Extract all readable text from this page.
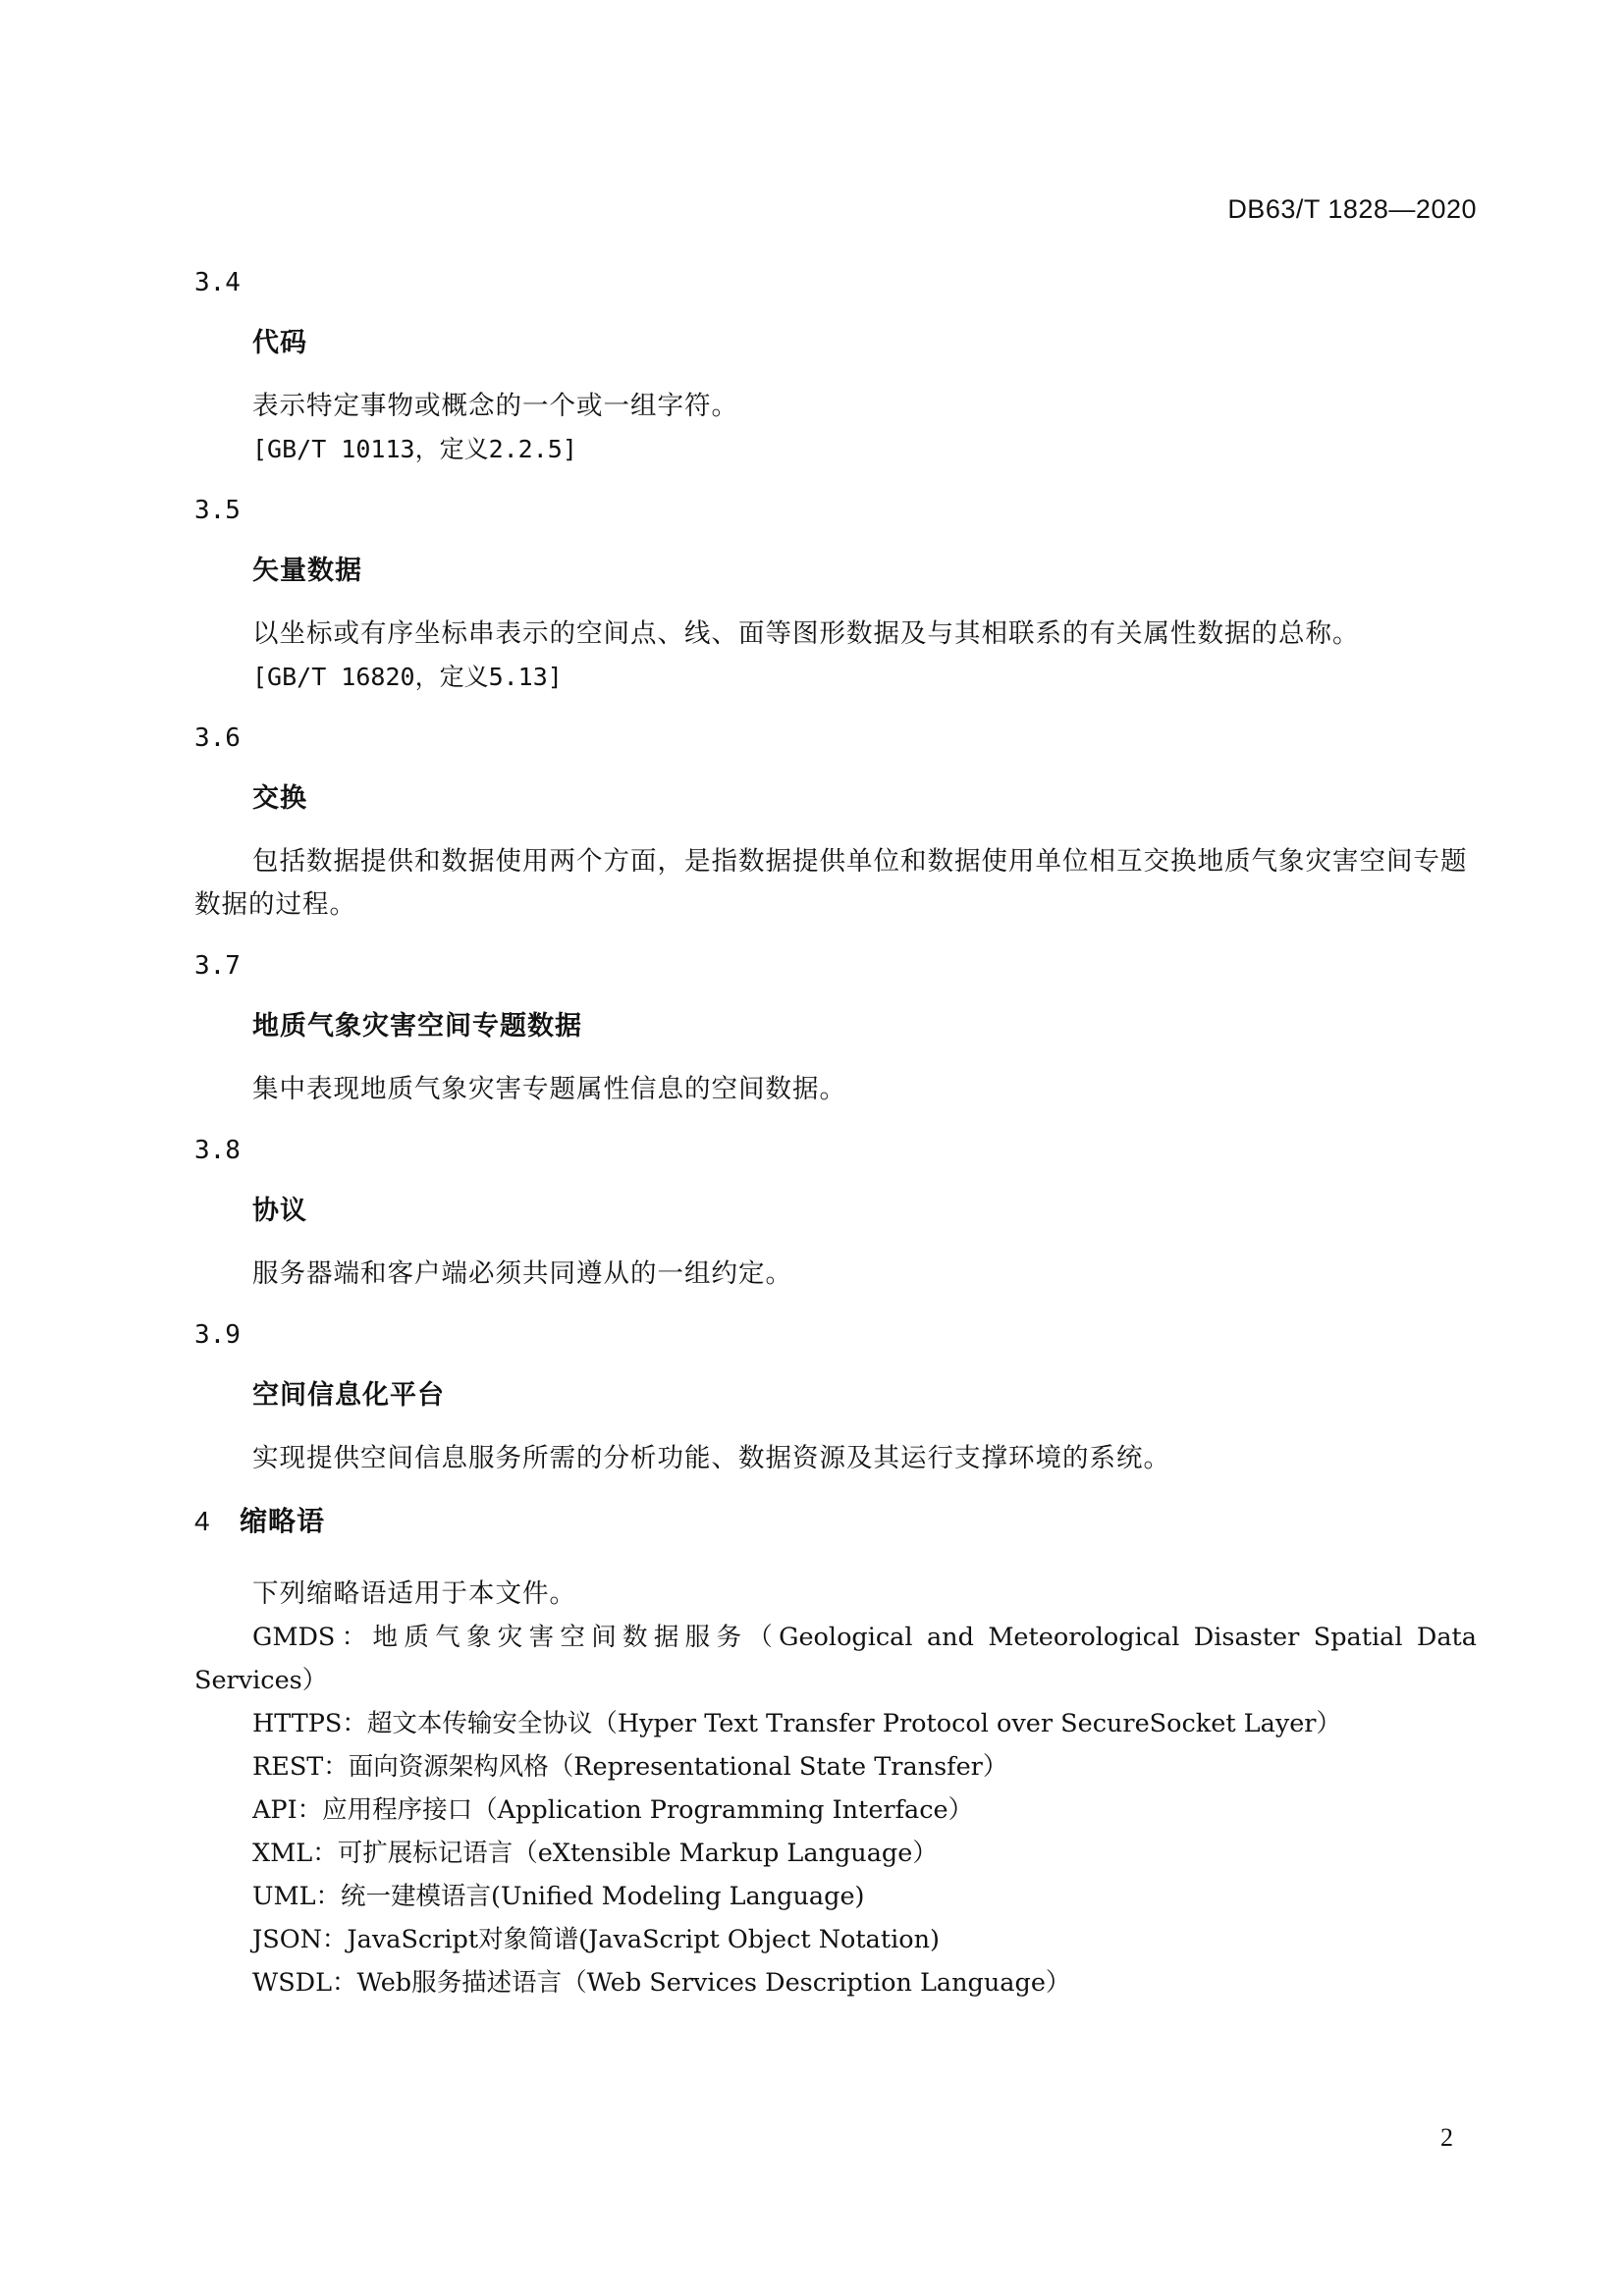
DB63/T 1828—2020
3.4
代码
表示特定事物或概念的一个或一组字符。
[GB/T 10113，定义2.2.5]
3.5
矢量数据
以坐标或有序坐标串表示的空间点、线、面等图形数据及与其相联系的有关属性数据的总称。
[GB/T 16820，定义5.13]
3.6
交换
包括数据提供和数据使用两个方面，是指数据提供单位和数据使用单位相互交换地质气象灾害空间专题数据的过程。
3.7
地质气象灾害空间专题数据
集中表现地质气象灾害专题属性信息的空间数据。
3.8
协议
服务器端和客户端必须共同遵从的一组约定。
3.9
空间信息化平台
实现提供空间信息服务所需的分析功能、数据资源及其运行支撑环境的系统。
4 缩略语
下列缩略语适用于本文件。
GMDS：地质气象灾害空间数据服务（Geological and Meteorological Disaster Spatial Data Services）
HTTPS：超文本传输安全协议（Hyper Text Transfer Protocol over SecureSocket Layer）
REST：面向资源架构风格（Representational State Transfer）
API：应用程序接口（Application Programming Interface）
XML：可扩展标记语言（eXtensible Markup Language）
UML：统一建模语言(Unified Modeling Language)
JSON：JavaScript对象简谱(JavaScript Object Notation)
WSDL：Web服务描述语言（Web Services Description Language）
2
